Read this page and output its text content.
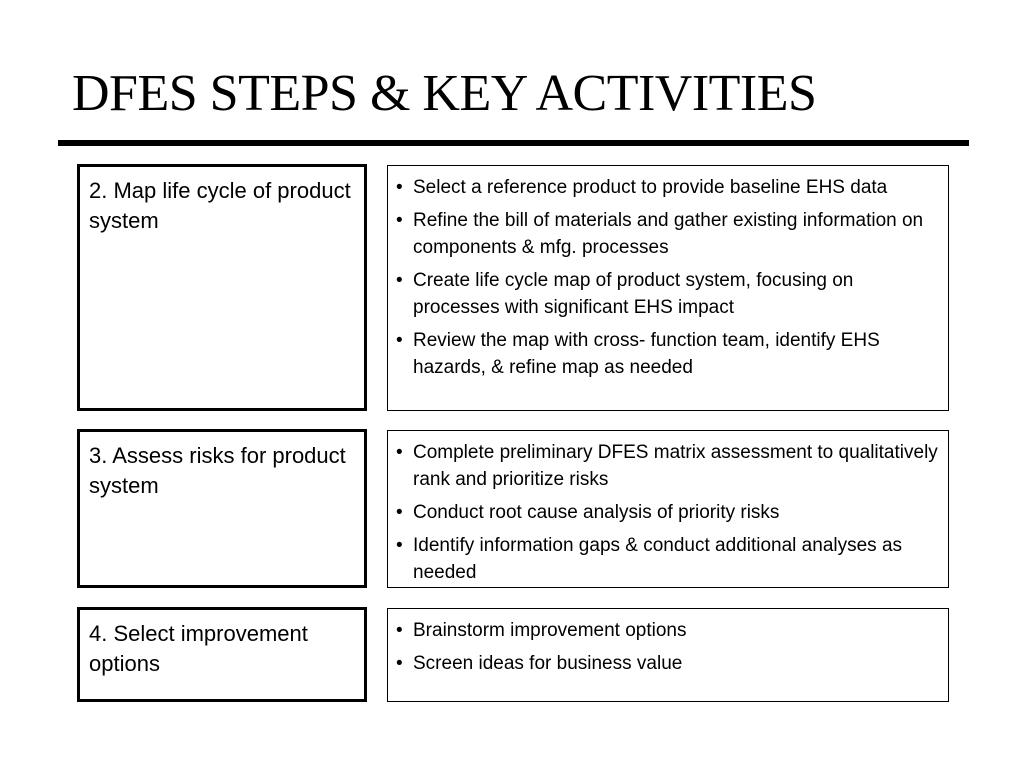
DFES STEPS & KEY ACTIVITIES
2. Map life cycle of product system
• Select a reference product to provide baseline EHS data
• Refine the bill of materials and gather existing information on components & mfg. processes
• Create life cycle map of product system, focusing on processes with significant EHS impact
• Review the map with cross- function team, identify EHS hazards, & refine map as needed
3. Assess risks for product system
• Complete preliminary DFES matrix assessment to qualitatively rank and prioritize risks
• Conduct root cause analysis of priority risks
• Identify information gaps & conduct additional analyses as needed
4. Select improvement options
• Brainstorm improvement options
• Screen ideas for business value
